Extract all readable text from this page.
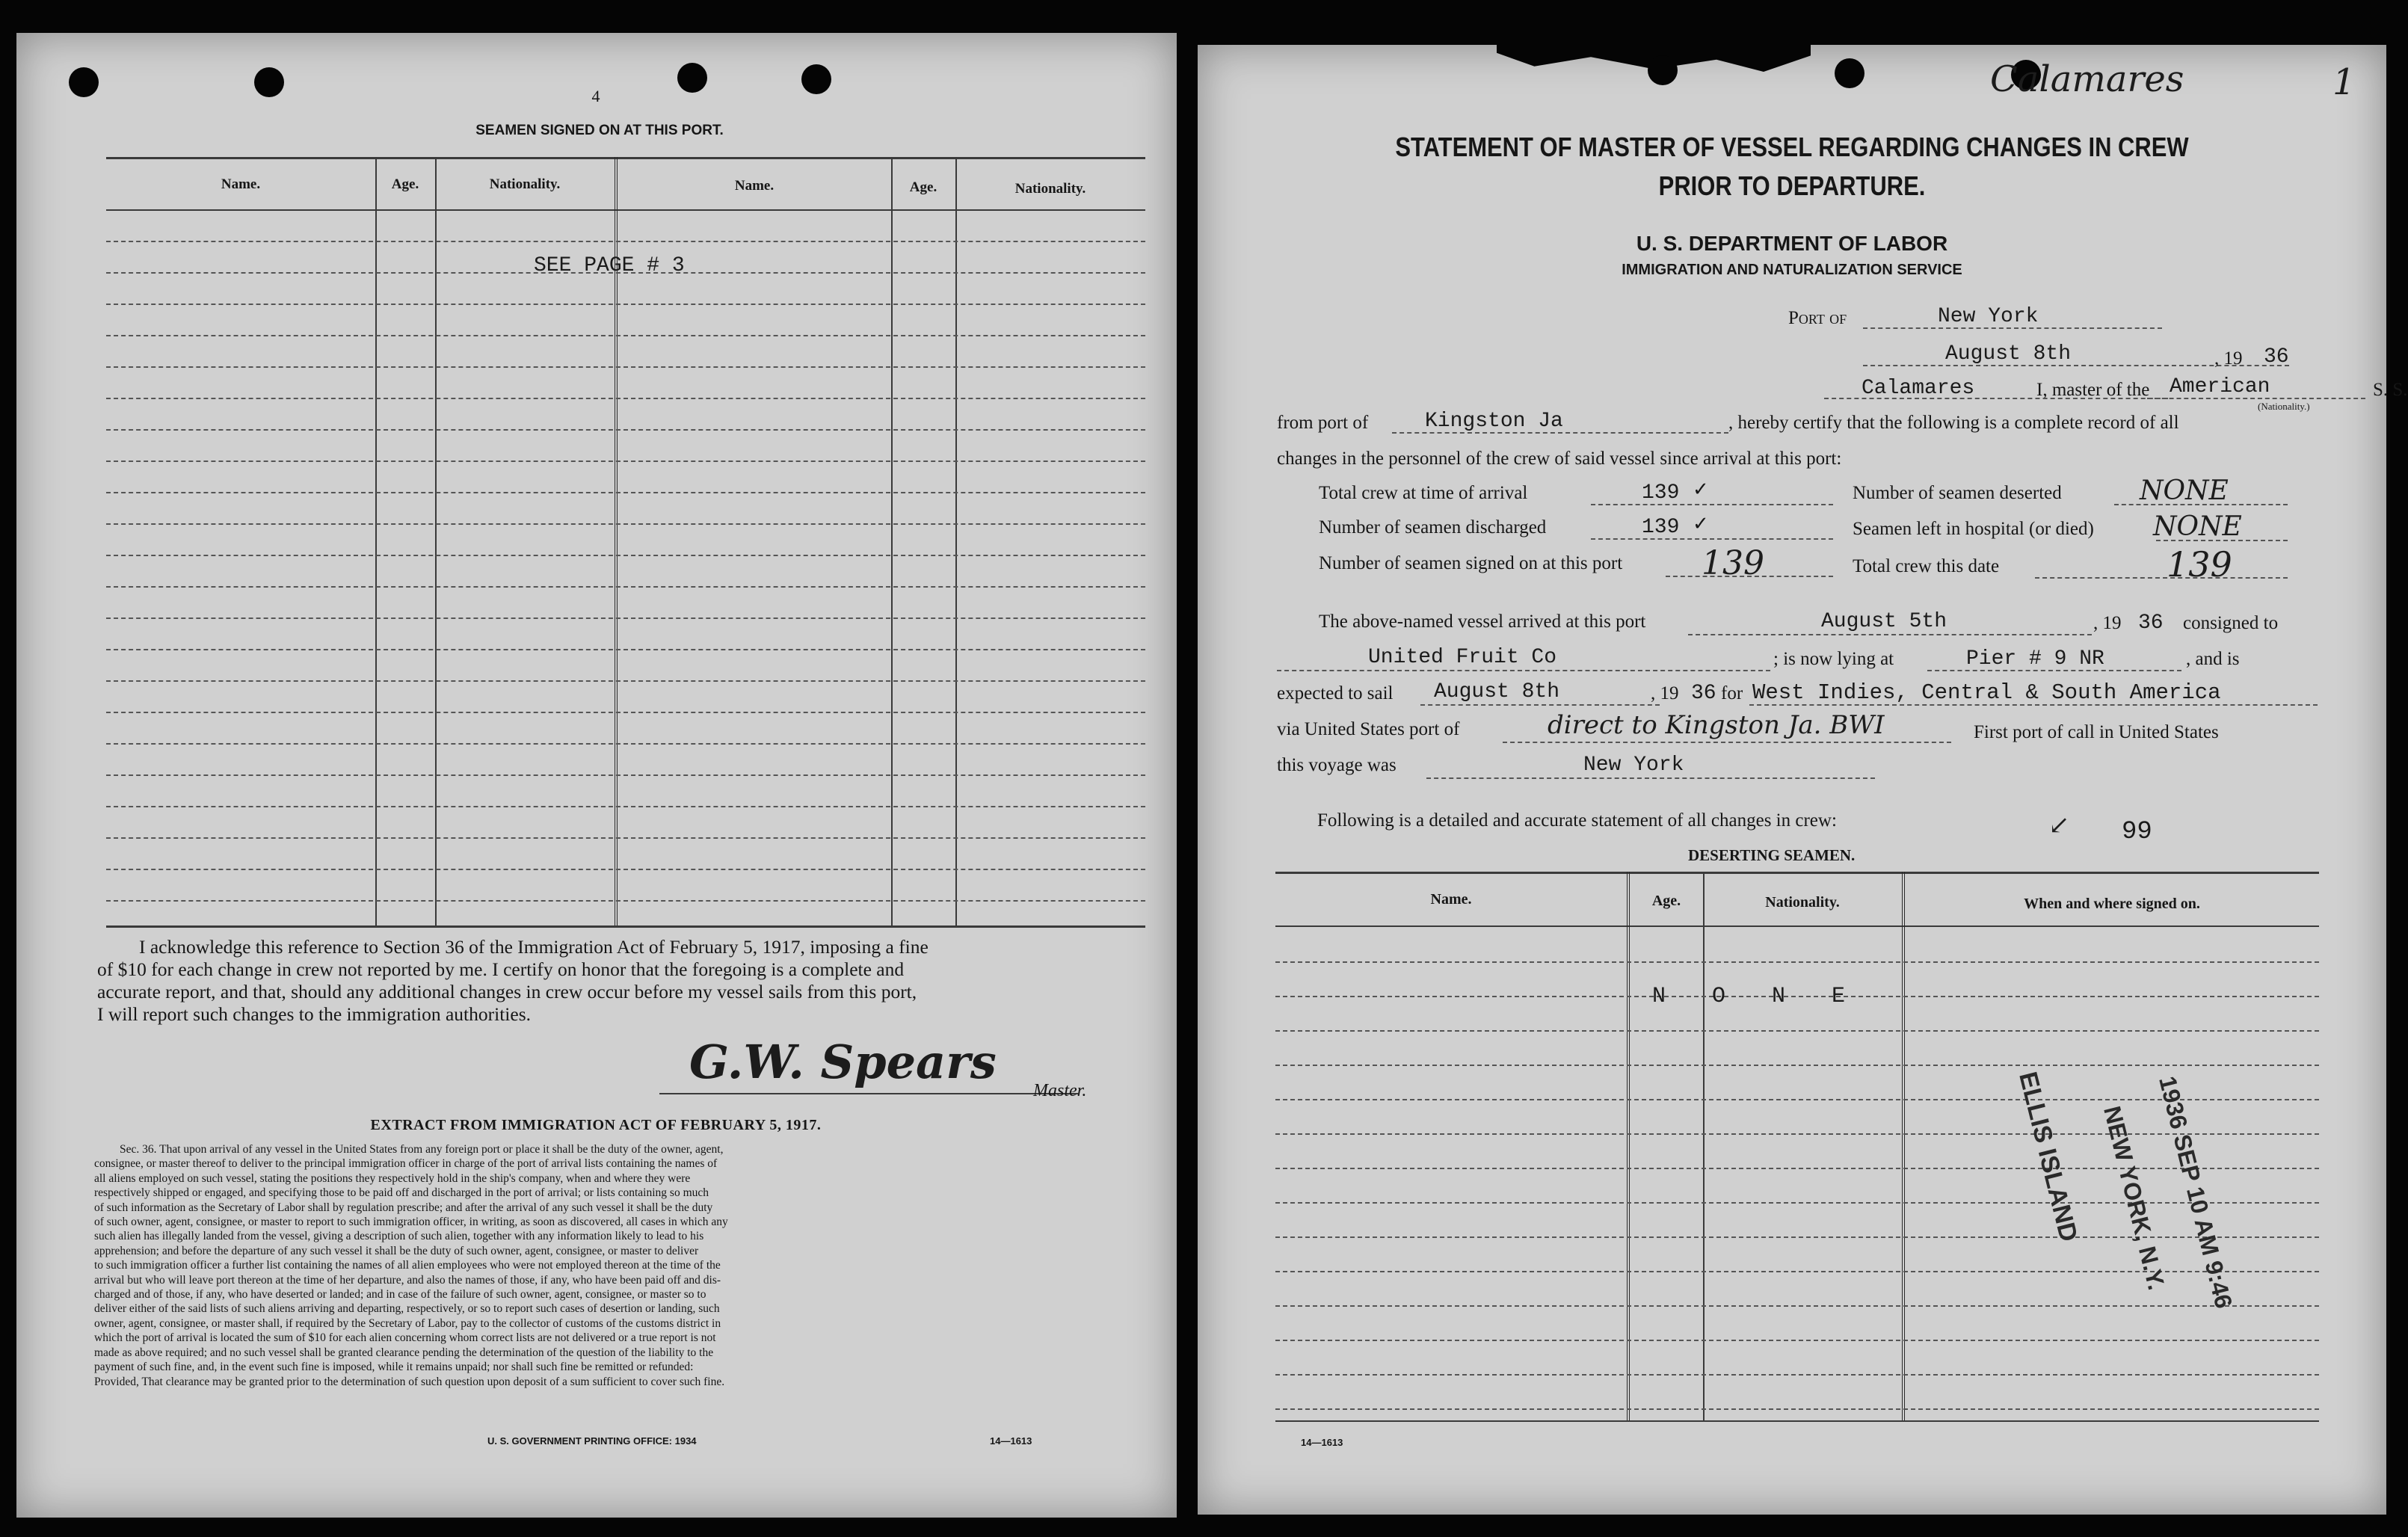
4
SEAMEN SIGNED ON AT THIS PORT.
Name.	Age.	Nationality.	Name.	Age.	Nationality.
SEE PAGE # 3
I acknowledge this reference to Section 36 of the Immigration Act of February 5, 1917, imposing a fine
of $10 for each change in crew not reported by me. I certify on honor that the foregoing is a complete and
accurate report, and that, should any additional changes in crew occur before my vessel sails from this port,
I will report such changes to the immigration authorities.
G.W. Spears
Master.
EXTRACT FROM IMMIGRATION ACT OF FEBRUARY 5, 1917.
Sec. 36. That upon arrival of any vessel in the United States from any foreign port or place it shall be the duty of the owner, agent,
consignee, or master thereof to deliver to the principal immigration officer in charge of the port of arrival lists containing the names of
all aliens employed on such vessel, stating the positions they respectively hold in the ship's company, when and where they were
respectively shipped or engaged, and specifying those to be paid off and discharged in the port of arrival; or lists containing so much
of such information as the Secretary of Labor shall by regulation prescribe; and after the arrival of any such vessel it shall be the duty
of such owner, agent, consignee, or master to report to such immigration officer, in writing, as soon as discovered, all cases in which any
such alien has illegally landed from the vessel, giving a description of such alien, together with any information likely to lead to his
apprehension; and before the departure of any such vessel it shall be the duty of such owner, agent, consignee, or master to deliver
to such immigration officer a further list containing the names of all alien employees who were not employed thereon at the time of the
arrival but who will leave port thereon at the time of her departure, and also the names of those, if any, who have been paid off and dis-
charged and of those, if any, who have deserted or landed; and in case of the failure of such owner, agent, consignee, or master so to
deliver either of the said lists of such aliens arriving and departing, respectively, or so to report such cases of desertion or landing, such
owner, agent, consignee, or master shall, if required by the Secretary of Labor, pay to the collector of customs of the customs district in
which the port of arrival is located the sum of $10 for each alien concerning whom correct lists are not delivered or a true report is not
made as above required; and no such vessel shall be granted clearance pending the determination of the question of the liability to the
payment of such fine, and, in the event such fine is imposed, while it remains unpaid; nor shall such fine be remitted or refunded:
Provided, That clearance may be granted prior to the determination of such question upon deposit of a sum sufficient to cover such fine.
U. S. GOVERNMENT PRINTING OFFICE: 1934	14—1613
Calamares	1
STATEMENT OF MASTER OF VESSEL REGARDING CHANGES IN CREW
PRIOR TO DEPARTURE.
U. S. DEPARTMENT OF LABOR
IMMIGRATION AND NATURALIZATION SERVICE
Port of	New York
August 8th	, 19 36
I, master of the American
(Nationality.)
S. S.
Calamares
from port of	Kingston Ja	, hereby certify that the following is a complete record of all
changes in the personnel of the crew of said vessel since arrival at this port:
Total crew at time of arrival	139 ✓	Number of seamen deserted	NONE
Number of seamen discharged	139 ✓	Seamen left in hospital (or died) NONE
Number of seamen signed on at this port 139	Total crew this date	139
The above-named vessel arrived at this port	August 5th	, 19 36 consigned to
United Fruit Co	; is now lying at	Pier # 9 NR	, and is
expected to sail August 8th	, 19 36 for West Indies, Central & South America
via United States port of	direct to Kingston Ja. BWI	First port of call in United States
this voyage was	New York
Following is a detailed and accurate statement of all changes in crew:	↙ 99
DESERTING SEAMEN.
Name.	Age.	Nationality.	When and where signed on.
N O N E
ELLIS ISLAND	1936 SEP 10 AM 9:46
NEW YORK, N.Y.
14—1613
